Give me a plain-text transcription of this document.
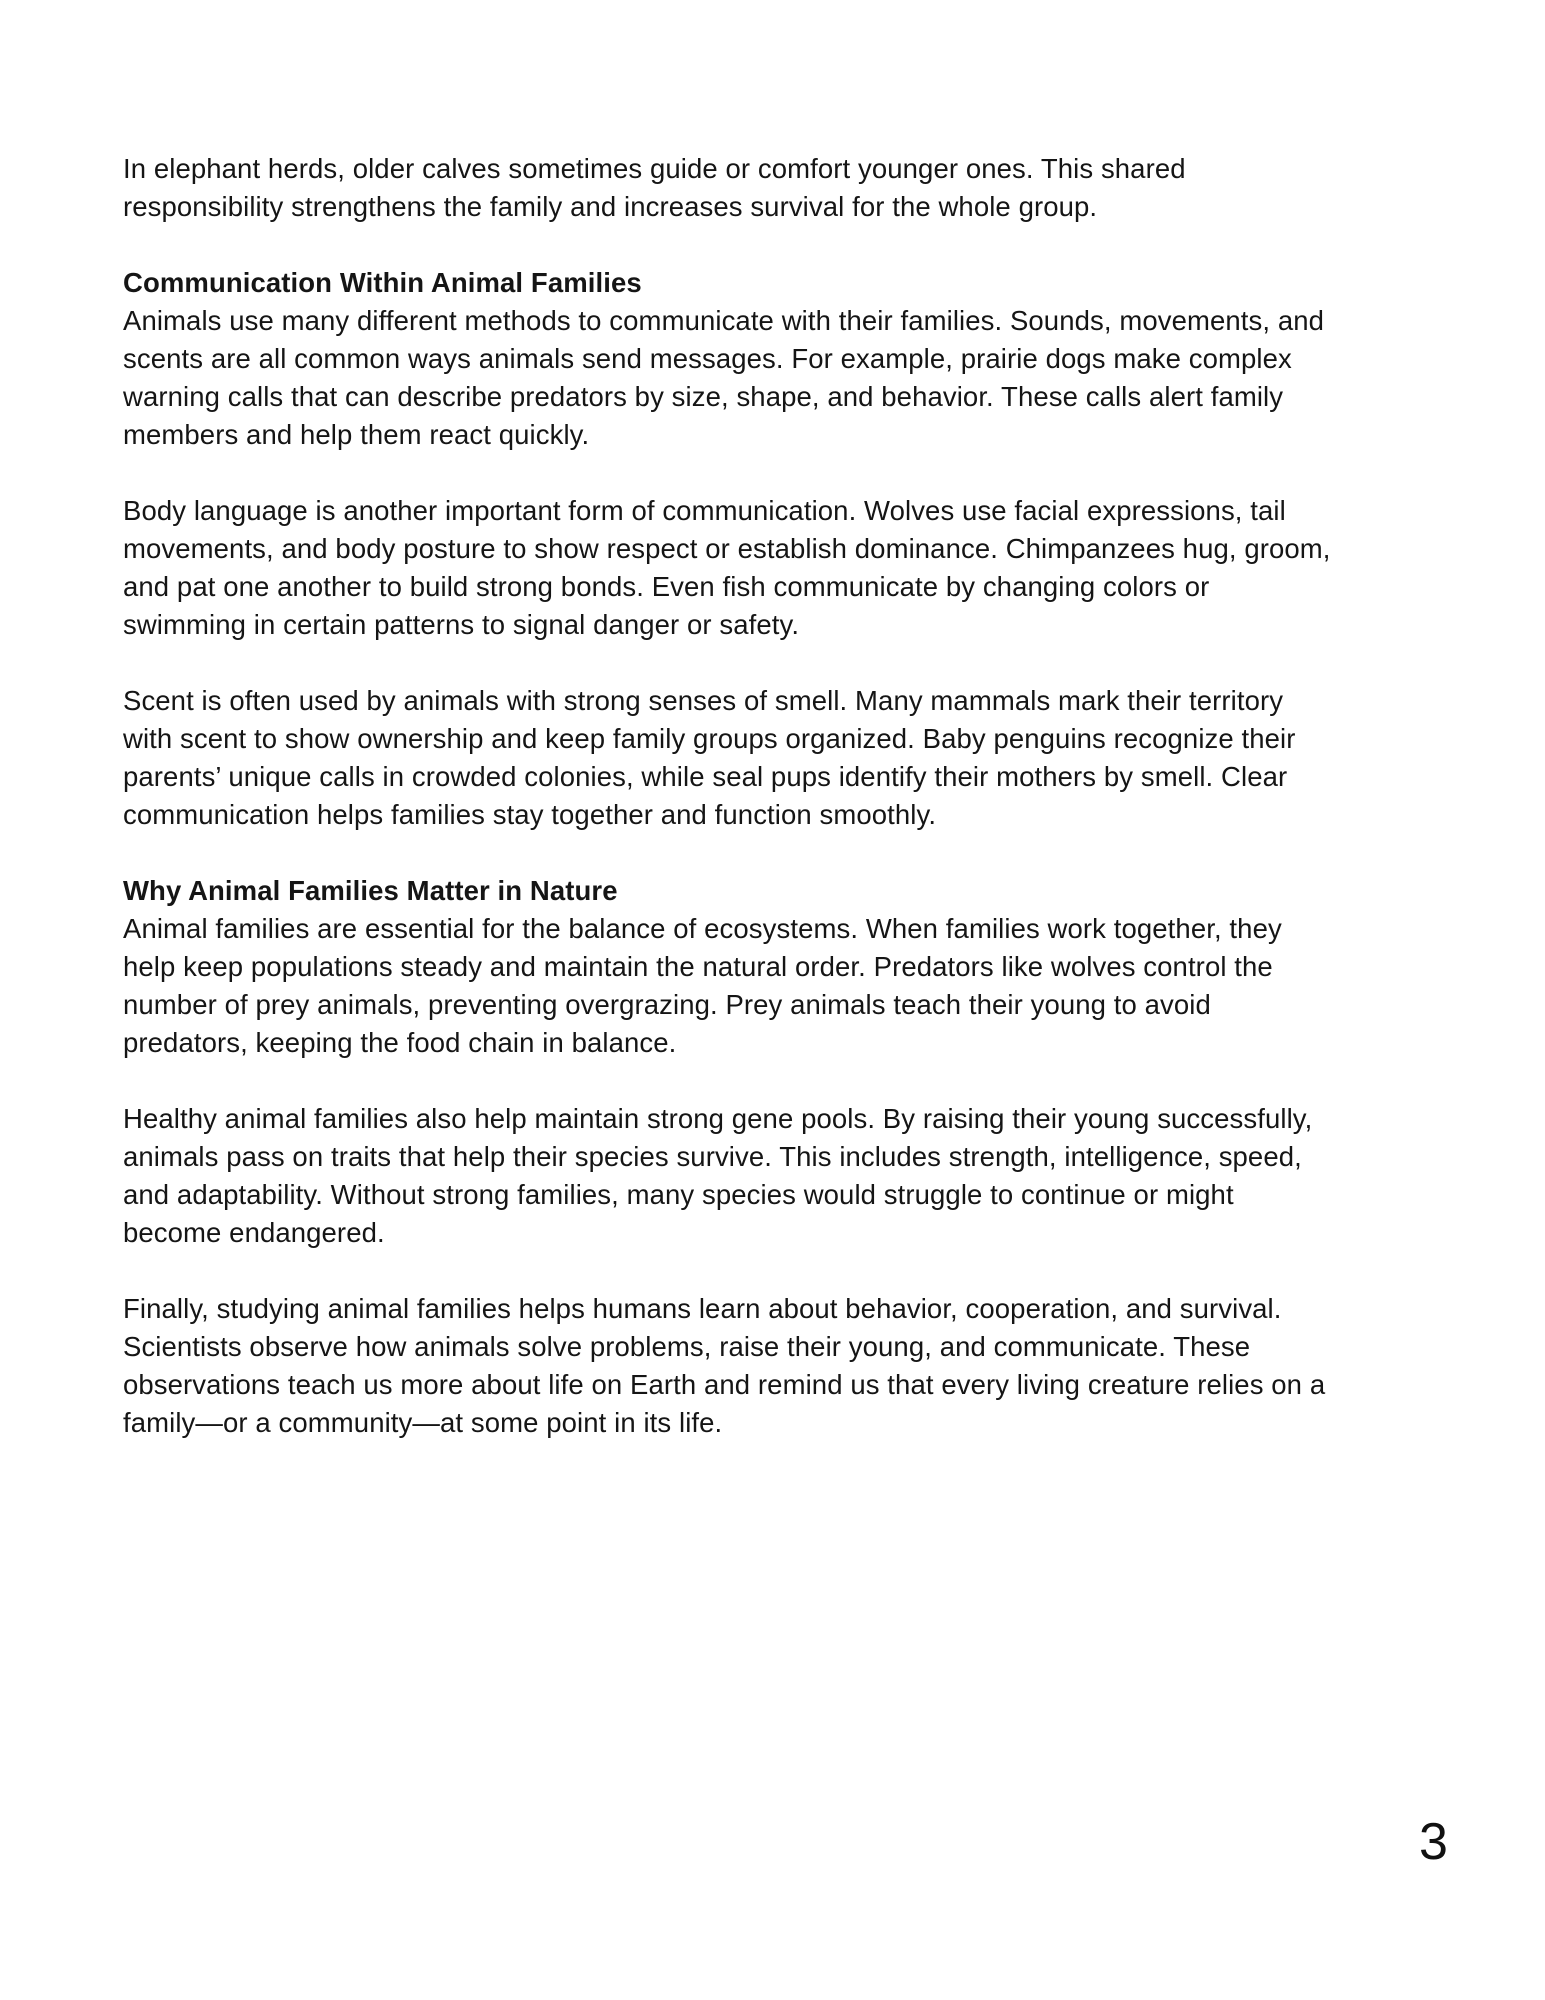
In elephant herds, older calves sometimes guide or comfort younger ones. This shared
responsibility strengthens the family and increases survival for the whole group.
Communication Within Animal Families
Animals use many different methods to communicate with their families. Sounds, movements, and
scents are all common ways animals send messages. For example, prairie dogs make complex
warning calls that can describe predators by size, shape, and behavior. These calls alert family
members and help them react quickly.
Body language is another important form of communication. Wolves use facial expressions, tail
movements, and body posture to show respect or establish dominance. Chimpanzees hug, groom,
and pat one another to build strong bonds. Even fish communicate by changing colors or
swimming in certain patterns to signal danger or safety.
Scent is often used by animals with strong senses of smell. Many mammals mark their territory
with scent to show ownership and keep family groups organized. Baby penguins recognize their
parents’ unique calls in crowded colonies, while seal pups identify their mothers by smell. Clear
communication helps families stay together and function smoothly.
Why Animal Families Matter in Nature
Animal families are essential for the balance of ecosystems. When families work together, they
help keep populations steady and maintain the natural order. Predators like wolves control the
number of prey animals, preventing overgrazing. Prey animals teach their young to avoid
predators, keeping the food chain in balance.
Healthy animal families also help maintain strong gene pools. By raising their young successfully,
animals pass on traits that help their species survive. This includes strength, intelligence, speed,
and adaptability. Without strong families, many species would struggle to continue or might
become endangered.
Finally, studying animal families helps humans learn about behavior, cooperation, and survival.
Scientists observe how animals solve problems, raise their young, and communicate. These
observations teach us more about life on Earth and remind us that every living creature relies on a
family—or a community—at some point in its life.
3
